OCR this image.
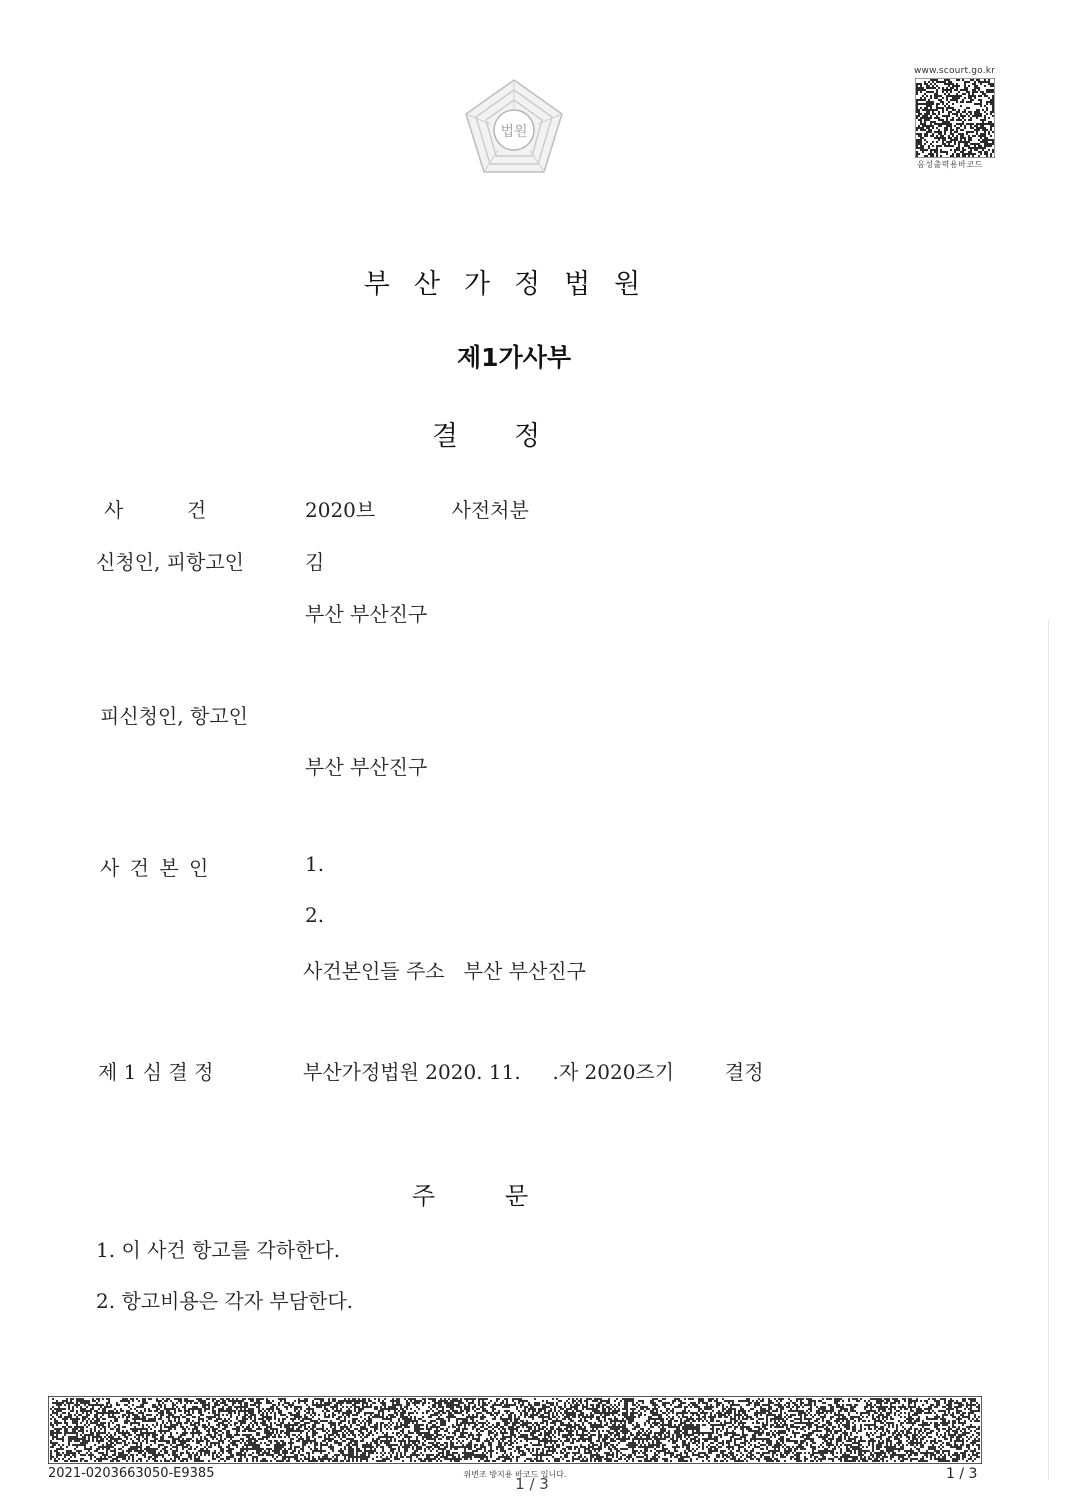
법원
www.scourt.go.kr
음성출력용바코드
부산가정법원
제1가사부
결정
사          건	2020브            사전처분
신청인, 피항고인	김
부산 부산진구
피신청인, 항고인
부산 부산진구
사 건 본 인	1.
2.
사건본인들 주소   부산 부산진구
제 1 심 결 정	부산가정법원 2020. 11.     .자 2020즈기        결정
주문
1. 이 사건 항고를 각하한다.
2. 항고비용은 각자 부담한다.
2021-0203663050-E9385	위변조 방지용 바코드 입니다.
1 / 3
1 / 3
